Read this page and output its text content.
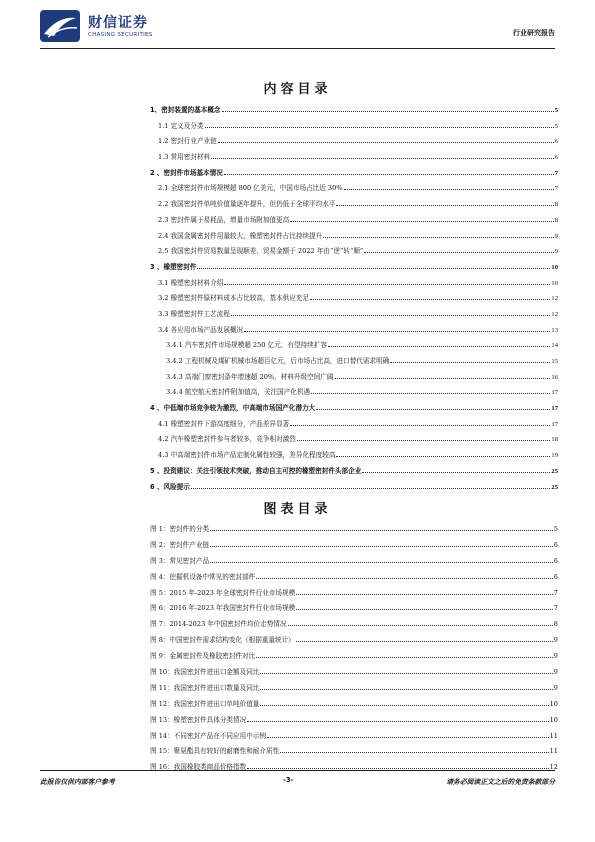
财信证券
CHASING SECURITIES	行业研究报告
内容目录
1、密封装置的基本概念	5
1.1 定义及分类	5
1.2 密封行业产业链	6
1.3 常用密封材料	6
2 、密封件市场基本情况	7
2.1 全球密封件市场规模超 800 亿美元，中国市场占比近 30%	7
2.2 我国密封件单吨价值量逐年提升，但仍低于全球平均水平	8
2.3 密封件属于易耗品，增量市场附加值更高	8
2.4 我国金属密封件用量较大，橡塑密封件占比持续提升	9
2.5 我国密封件贸易数量呈现顺差，贸易金额于 2022 年由“逆”转“顺”	9
3 、橡塑密封件	10
3.1 橡塑密封材料介绍	10
3.2 橡塑密封件原材料成本占比较高，基本供应充足	12
3.3 橡塑密封件工艺流程	12
3.4 各应用市场产品发展概况	13
3.4.1 汽车密封件市场规模超 250 亿元，有望持续扩容	14
3.4.2 工程机械及煤矿机械市场超百亿元，后市场占比高，进口替代需求明确	15
3.4.3 高端门窗密封条年增速超 20%，材料升级空间广阔	16
3.4.4 航空航天密封件附加值高，关注国产化机遇	17
4 、中低端市场竞争较为激烈，中高端市场国产化潜力大	17
4.1 橡塑密封件下游高度细分，产品差异显著	17
4.2 汽车橡塑密封件参与者较多，竞争相对激烈	18
4.3 中高端密封件市场产品定制化属性较强，差异化程度较高	19
5 、投资建议：关注引领技术突破，推动自主可控的橡塑密封件头部企业	25
6 、风险提示	25
图表目录
图 1：密封件的分类	5
图 2：密封件产业链	6
图 3：常见密封产品	6
图 4：挖掘机设备中常见的密封部件	6
图 5：2015 年-2023 年全球密封件行业市场规模	7
图 6：2016 年-2023 年我国密封件行业市场规模	7
图 7：2014-2023 年中国密封件均价走势情况	8
图 8：中国密封件需求结构变化（根据重量统计）	9
图 9：金属密封件及橡胶密封件对比	9
图 10：我国密封件进出口金额及同比	9
图 11：我国密封件进出口数量及同比	9
图 12：我国密封件进出口单吨价值量	10
图 13：橡塑密封件具体分类情况	10
图 14：不同密封产品在不同应用中示例	11
图 15：聚氨酯具有较好的耐磨性和耐介质性	11
图 16：我国橡胶类商品价格指数	12
此报告仅供内部客户参考	-3-	请务必阅读正文之后的免责条款部分
